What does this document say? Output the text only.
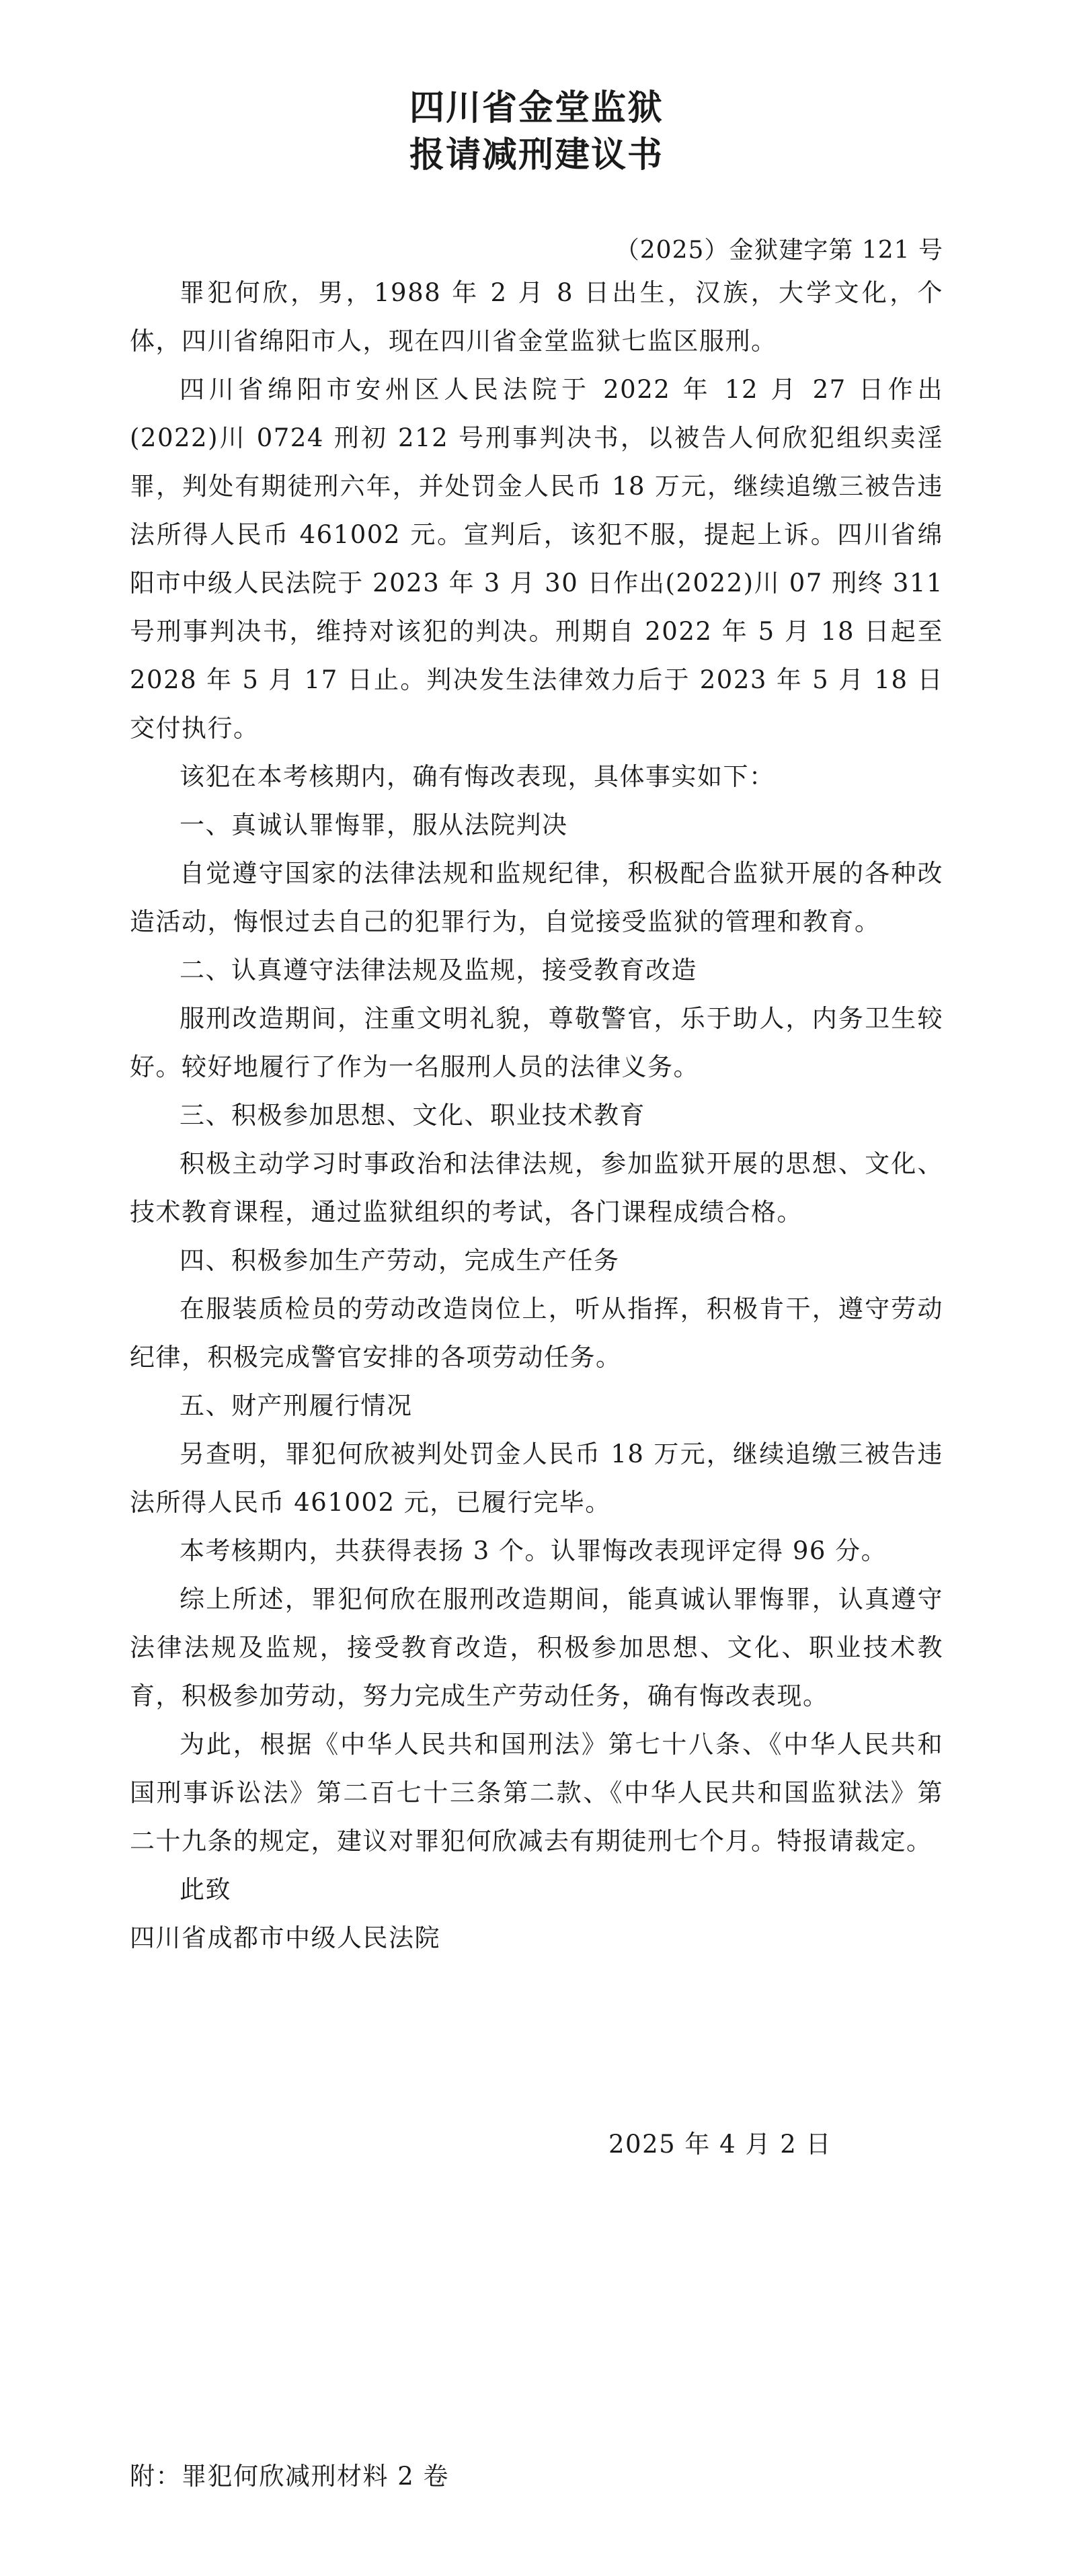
四川省金堂监狱
报请减刑建议书
（2025）金狱建字第 121 号

罪犯何欣，男，1988 年 2 月 8 日出生，汉族，大学文化，个体，四川省绵阳市人，现在四川省金堂监狱七监区服刑。

四川省绵阳市安州区人民法院于 2022 年 12 月 27 日作出(2022)川 0724 刑初 212 号刑事判决书，以被告人何欣犯组织卖淫罪，判处有期徒刑六年，并处罚金人民币 18 万元，继续追缴三被告违法所得人民币 461002 元。宣判后，该犯不服，提起上诉。四川省绵阳市中级人民法院于 2023 年 3 月 30 日作出(2022)川 07 刑终 311 号刑事判决书，维持对该犯的判决。刑期自 2022 年 5 月 18 日起至 2028 年 5 月 17 日止。判决发生法律效力后于 2023 年 5 月 18 日交付执行。

该犯在本考核期内，确有悔改表现，具体事实如下：

一、真诚认罪悔罪，服从法院判决

自觉遵守国家的法律法规和监规纪律，积极配合监狱开展的各种改造活动，悔恨过去自己的犯罪行为，自觉接受监狱的管理和教育。

二、认真遵守法律法规及监规，接受教育改造

服刑改造期间，注重文明礼貌，尊敬警官，乐于助人，内务卫生较好。较好地履行了作为一名服刑人员的法律义务。

三、积极参加思想、文化、职业技术教育

积极主动学习时事政治和法律法规，参加监狱开展的思想、文化、技术教育课程，通过监狱组织的考试，各门课程成绩合格。

四、积极参加生产劳动，完成生产任务

在服装质检员的劳动改造岗位上，听从指挥，积极肯干，遵守劳动纪律，积极完成警官安排的各项劳动任务。

五、财产刑履行情况

另查明，罪犯何欣被判处罚金人民币 18 万元，继续追缴三被告违法所得人民币 461002 元，已履行完毕。

本考核期内，共获得表扬 3 个。认罪悔改表现评定得 96 分。

综上所述，罪犯何欣在服刑改造期间，能真诚认罪悔罪，认真遵守法律法规及监规，接受教育改造，积极参加思想、文化、职业技术教育，积极参加劳动，努力完成生产劳动任务，确有悔改表现。

为此，根据《中华人民共和国刑法》第七十八条、《中华人民共和国刑事诉讼法》第二百七十三条第二款、《中华人民共和国监狱法》第二十九条的规定，建议对罪犯何欣减去有期徒刑七个月。特报请裁定。

此致

四川省成都市中级人民法院

2025 年 4 月 2 日
附：罪犯何欣减刑材料 2 卷
